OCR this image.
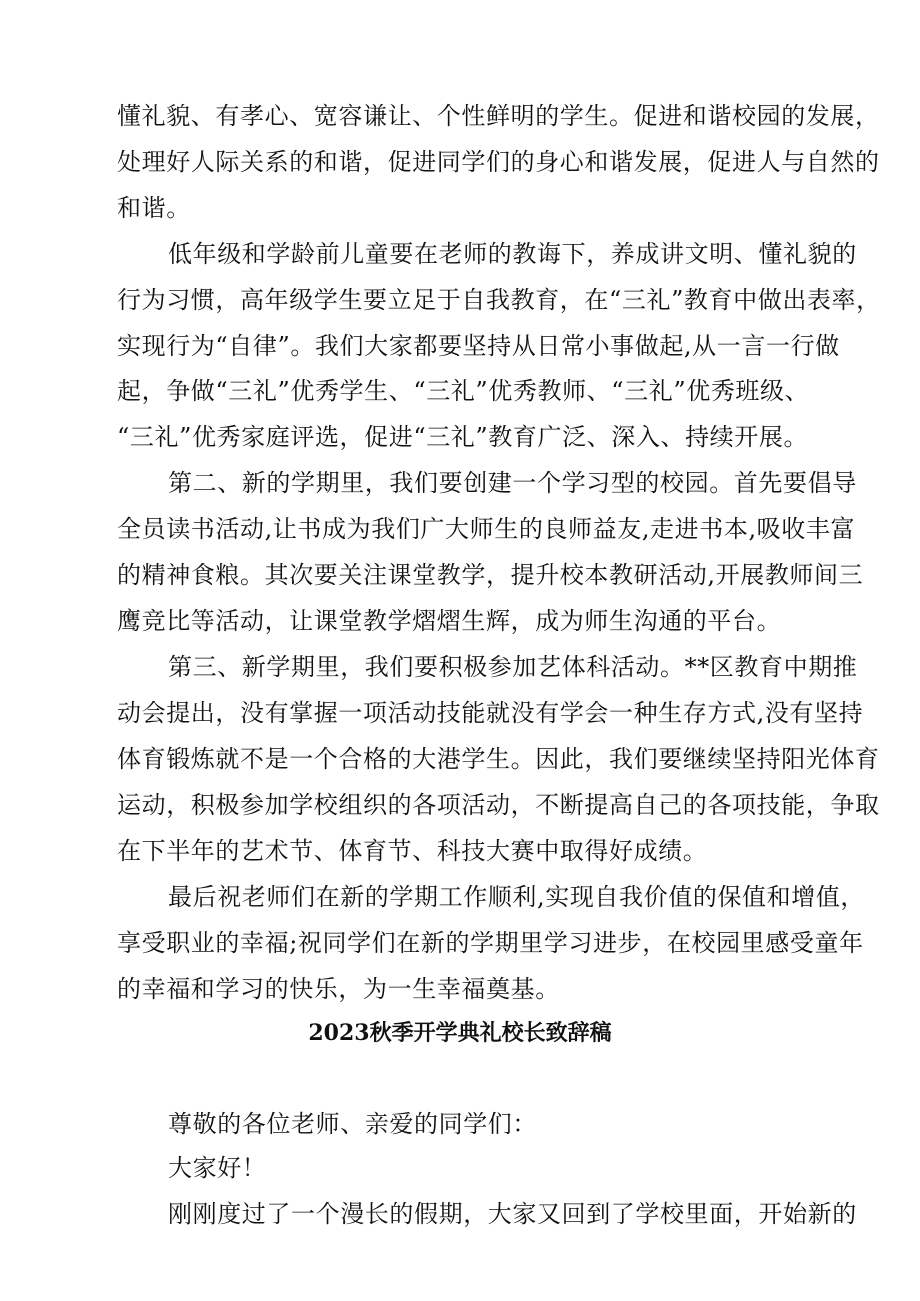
懂礼貌、有孝心、宽容谦让、个性鲜明的学生。促进和谐校园的发展，
处理好人际关系的和谐，促进同学们的身心和谐发展，促进人与自然的
和谐。
低年级和学龄前儿童要在老师的教诲下，养成讲文明、懂礼貌的
行为习惯，高年级学生要立足于自我教育，在“三礼”教育中做出表率，
实现行为“自律”。我们大家都要坚持从日常小事做起,从一言一行做
起，争做“三礼”优秀学生、“三礼”优秀教师、“三礼”优秀班级、
“三礼”优秀家庭评选，促进“三礼”教育广泛、深入、持续开展。
第二、新的学期里，我们要创建一个学习型的校园。首先要倡导
全员读书活动,让书成为我们广大师生的良师益友,走进书本,吸收丰富
的精神食粮。其次要关注课堂教学，提升校本教研活动,开展教师间三
鹰竞比等活动，让课堂教学熠熠生辉，成为师生沟通的平台。
第三、新学期里，我们要积极参加艺体科活动。**区教育中期推
动会提出，没有掌握一项活动技能就没有学会一种生存方式,没有坚持
体育锻炼就不是一个合格的大港学生。因此，我们要继续坚持阳光体育
运动，积极参加学校组织的各项活动，不断提高自己的各项技能，争取
在下半年的艺术节、体育节、科技大赛中取得好成绩。
最后祝老师们在新的学期工作顺利,实现自我价值的保值和增值，
享受职业的幸福;祝同学们在新的学期里学习进步，在校园里感受童年
的幸福和学习的快乐，为一生幸福奠基。
2023秋季开学典礼校长致辞稿
尊敬的各位老师、亲爱的同学们：
大家好！
刚刚度过了一个漫长的假期，大家又回到了学校里面，开始新的
